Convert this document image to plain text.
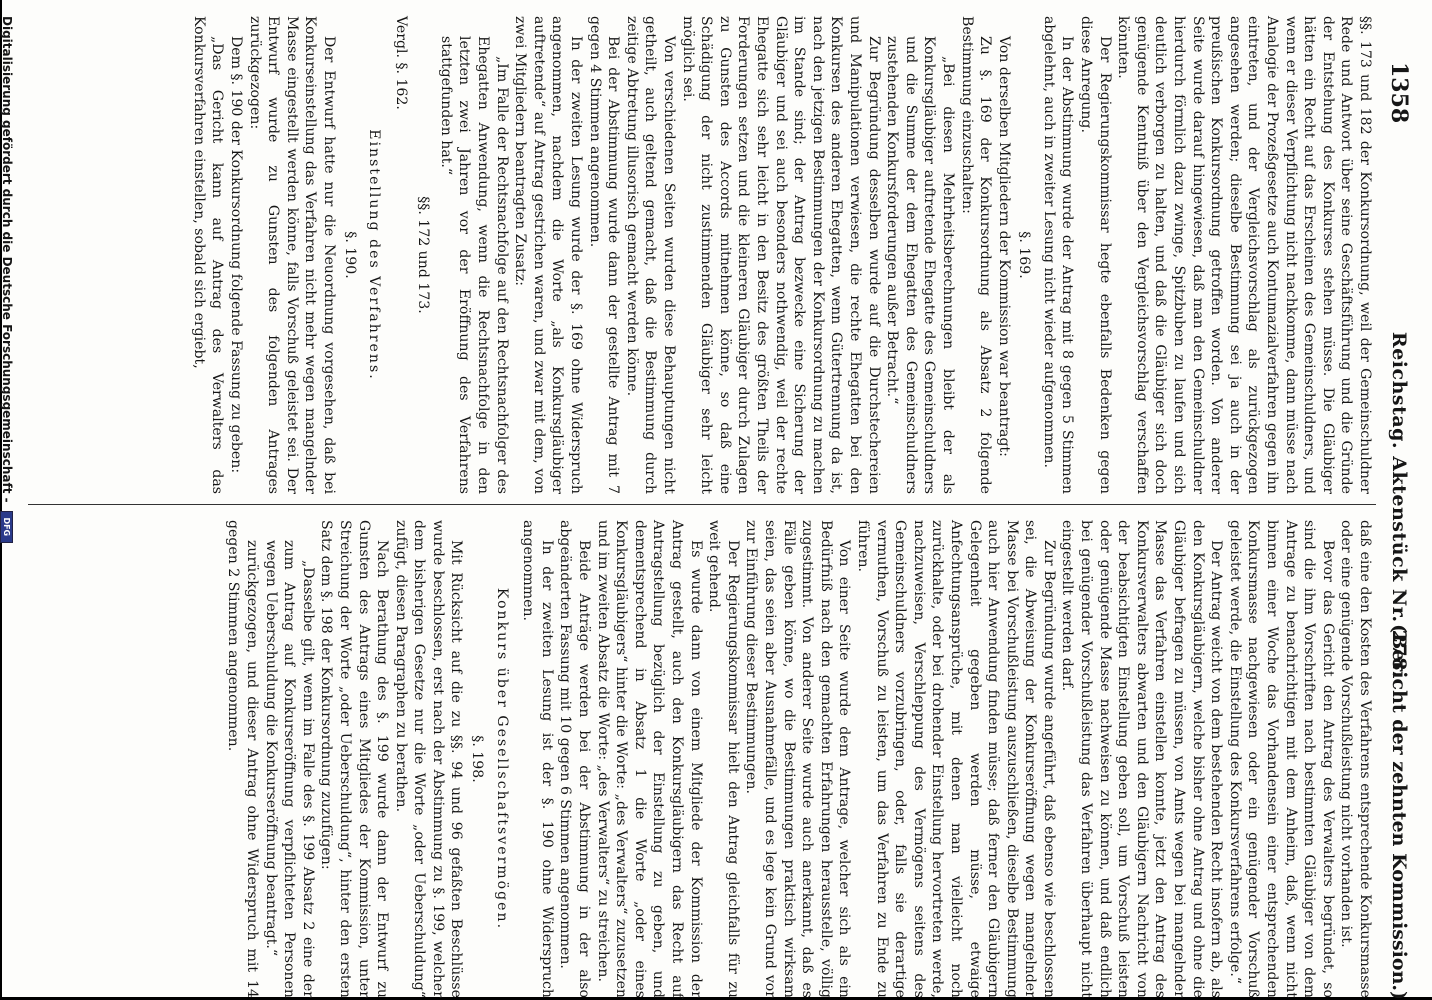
1358
Reichstag. Aktenstück Nr. 278.
(Bericht der zehnten Kommission.)

§§. 173 und 182 der Konkursordnung, weil der Gemeinschuldner Rede und Antwort über seine Geschäftsführung und die Gründe der Entstehung des Konkurses stehen müsse. Die Gläubiger hätten ein Recht auf das Erscheinen des Gemeinschuldners, und wenn er dieser Verpflichtung nicht nachkomme, dann müsse nach Analogie der Prozeßgesetze auch Kontumazialverfahren gegen ihn eintreten, und der Vergleichsvorschlag als zurückgezogen angesehen werden; dieselbe Bestimmung sei ja auch in der preußischen Konkursordnung getroffen worden. Von anderer Seite wurde darauf hingewiesen, daß man den Gemeinschuldner hierdurch förmlich dazu zwinge, Spitzbuben zu laufen und sich deutlich verborgen zu halten, und daß die Gläubiger sich doch genügende Kenntniß über den Vergleichsvorschlag verschaffen könnten.

Der Regierungskommissar hegte ebenfalls Bedenken gegen diese Anregung.

In der Abstimmung wurde der Antrag mit 8 gegen 5 Stimmen abgelehnt, auch in zweiter Lesung nicht wieder aufgenommen.

§. 169.

Von derselben Mitgliedern der Kommission war beantragt:

Zu §. 169 der Konkursordnung als Absatz 2 folgende Bestimmung einzuschalten:

„Bei diesen Mehrheitsberechnungen bleibt der als Konkursgläubiger auftretende Ehegatte des Gemeinschuldners und die Summe der dem Ehegatten des Gemeinschuldners zustehenden Konkursforderungen außer Betracht.“

Zur Begründung desselben wurde auf die Durchstechereien und Manipulationen verwiesen, die rechte Ehegatten bei den Konkursen des anderen Ehegatten, wenn Gütertrennung da ist, nach den jetzigen Bestimmungen der Konkursordnung zu machen im Stande sind; der Antrag bezwecke eine Sicherung der Gläubiger und sei auch besonders nothwendig, weil der rechte Ehegatte sich sehr leicht in den Besitz des größten Theils der Forderungen setzen und die kleineren Gläubiger durch Zulagen zu Gunsten des Accords mitnehmen könne, so daß eine Schädigung der nicht zustimmenden Gläubiger sehr leicht möglich sei.

Von verschiedenen Seiten wurden diese Behauptungen nicht getheilt, auch geltend gemacht, daß die Bestimmung durch zeitige Abtretung illusorisch gemacht werden könne.

Bei der Abstimmung wurde dann der gestellte Antrag mit 7 gegen 4 Stimmen angenommen.

In der zweiten Lesung wurde der §. 169 ohne Widerspruch angenommen, nachdem die Worte „als Konkursgläubiger auftretende“ auf Antrag gestrichen waren, und zwar mit dem, von zwei Mitgliedern beantragten Zusatz:

„Im Falle der Rechtsnachfolge auf den Rechtsnachfolger des Ehegatten Anwendung, wenn die Rechtsnachfolge in den letzten zwei Jahren vor der Eröffnung des Verfahrens stattgefunden hat.“

§§. 172 und 173.

Vergl. §. 162.

Einstellung des Verfahrens.

§. 190.

Der Entwurf hatte nur die Neuordnung vorgesehen, daß bei Konkurseinstellung das Verfahren nicht mehr wegen mangelnder Masse eingestellt werden könne, falls Vorschuß geleistet sei. Der Entwurf wurde zu Gunsten des folgenden Antrages zurückgezogen:

Dem §. 190 der Konkursordnung folgende Fassung zu geben:

„Das Gericht kann auf Antrag des Verwalters das Konkursverfahren einstellen, sobald sich ergiebt,

daß eine den Kosten des Verfahrens entsprechende Konkursmasse oder eine genügende Vorschußleistung nicht vorhanden ist.

Bevor das Gericht den Antrag des Verwalters begründet, so sind die ihm Vorschriften nach bestimmten Gläubiger von dem Antrage zu benachrichtigen mit dem Anheim, daß, wenn nicht binnen einer Woche das Vorhandensein einer entsprechenden Konkursmasse nachgewiesen oder ein genügender Vorschuß geleistet werde, die Einstellung des Konkursverfahrens erfolge.“

Der Antrag weicht von dem bestehenden Recht insofern ab, als den Konkursgläubigern, welche bisher ohne Antrag und ohne die Gläubiger befragen zu müssen, von Amts wegen bei mangelnder Masse das Verfahren einstellen konnte, jetzt den Antrag des Konkursverwalters abwarten und den Gläubigern Nachricht von der beabsichtigten Einstellung geben soll, um Vorschuß leisten oder genügende Masse nachweisen zu können, und daß endlich bei genügender Vorschußleistung das Verfahren überhaupt nicht eingestellt werden darf.

Zur Begründung wurde angeführt, daß ebenso wie beschlossen sei, die Abweisung der Konkurseröffnung wegen mangelnder Masse bei Vorschußleistung auszuschließen, dieselbe Bestimmung auch hier Anwendung finden müsse; daß ferner den Gläubigern Gelegenheit gegeben werden müsse, etwaige Anfechtungsansprüche, mit denen man vielleicht noch zurückhalte, oder bei drohender Einstellung hervortreten werde, nachzuweisen, Verschleppung des Vermögens seitens des Gemeinschuldners vorzubringen, oder, falls sie derartige vermuthen, Vorschuß zu leisten, um das Verfahren zu Ende zu führen.

Von einer Seite wurde dem Antrage, welcher sich als ein Bedürfniß nach den gemachten Erfahrungen herausstelle, völlig zugestimmt. Von anderer Seite wurde auch anerkannt, daß es Fälle geben könne, wo die Bestimmungen praktisch wirksam seien, das seien aber Ausnahmefälle, und es lege kein Grund vor zur Einführung dieser Bestimmungen.

Der Regierungskommissar hielt den Antrag gleichfalls für zu weit gehend.

Es wurde dann von einem Mitgliede der Kommission der Antrag gestellt, auch den Konkursgläubigern das Recht auf Antragstellung bezüglich der Einstellung zu geben, und dementsprechend in Absatz 1 die Worte „oder eines Konkursgläubigers“ hinter die Worte: „des Verwalters“ zuzusetzen und im zweiten Absatz die Worte: „des Verwalters“ zu streichen.

Beide Anträge werden bei der Abstimmung in der also abgeänderten Fassung mit 10 gegen 6 Stimmen angenommen.

In der zweiten Lesung ist der §. 190 ohne Widerspruch angenommen.

Konkurs über Gesellschaftsvermögen.

§. 198.

Mit Rücksicht auf die zu §§. 94 und 96 gefaßten Beschlüsse wurde beschlossen, erst nach der Abstimmung zu §. 199, welcher dem bisherigen Gesetze nur die Worte „oder Ueberschuldung“ zufügt, diesen Paragraphen zu berathen.

Nach Berathung des §. 199 wurde dann der Entwurf zu Gunsten des Antrags eines Mitgliedes der Kommission, unter Streichung der Worte „oder Ueberschuldung“, hinter den ersten Satz dem §. 198 der Konkursordnung zuzufügen:

„Dasselbe gilt, wenn im Falle des §. 199 Absatz 2 eine der zum Antrag auf Konkurseröffnung verpflichteten Personen wegen Ueberschuldung die Konkurseröffnung beantragt.“

zurückgezogen, und dieser Antrag ohne Widerspruch mit 14 gegen 2 Stimmen angenommen.

Digitalisierung gefördert durch die Deutsche Forschungsgemeinschaft - DFG
